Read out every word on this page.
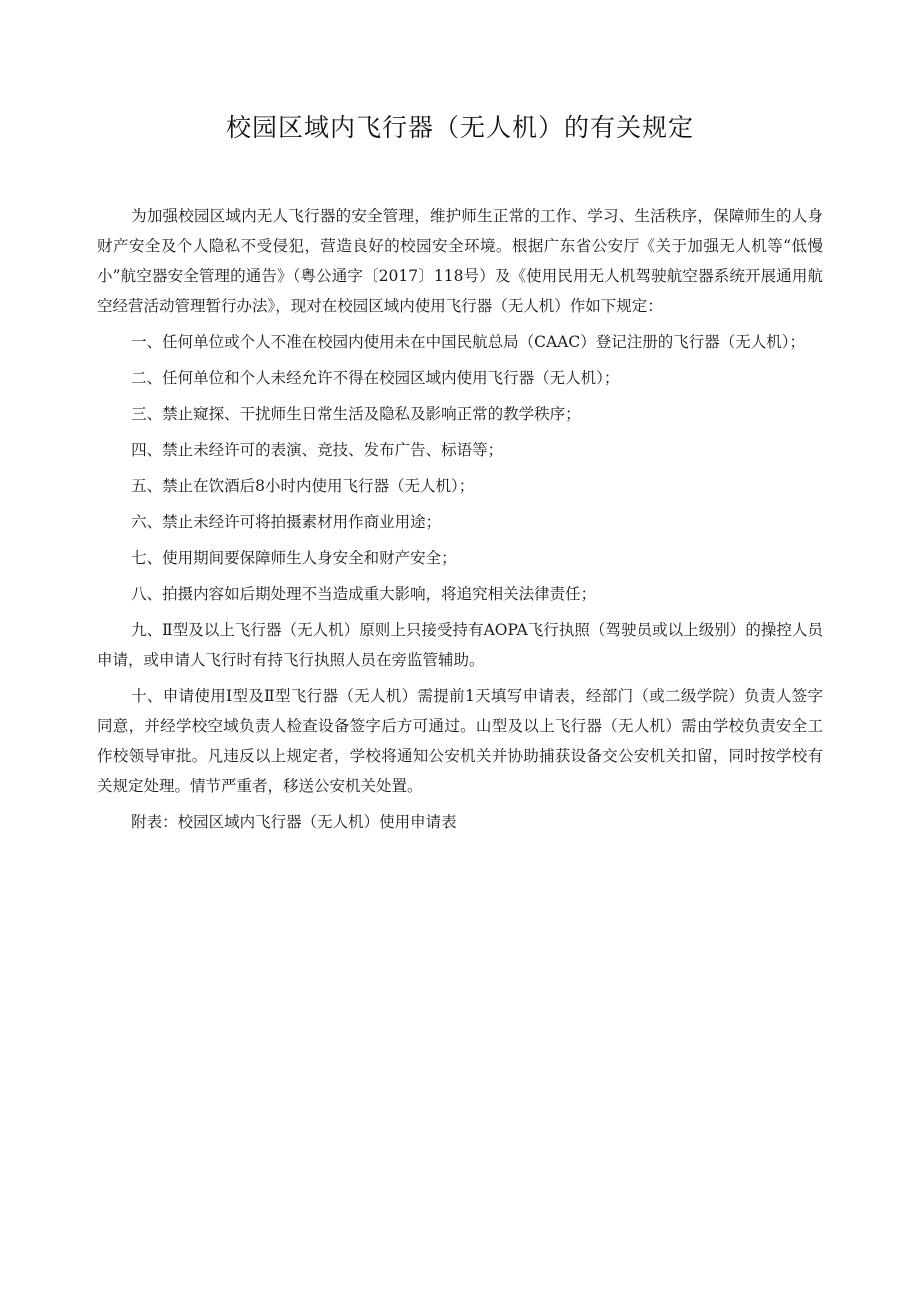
校园区域内飞行器（无人机）的有关规定

为加强校园区域内无人飞行器的安全管理，维护师生正常的工作、学习、生活秩序，保障师生的人身财产安全及个人隐私不受侵犯，营造良好的校园安全环境。根据广东省公安厅《关于加强无人机等“低慢小”航空器安全管理的通告》（粤公通字〔2017〕118号）及《使用民用无人机驾驶航空器系统开展通用航空经营活动管理暂行办法》，现对在校园区域内使用飞行器（无人机）作如下规定：

一、任何单位或个人不准在校园内使用未在中国民航总局（CAAC）登记注册的飞行器（无人机）；

二、任何单位和个人未经允许不得在校园区域内使用飞行器（无人机）；

三、禁止窥探、干扰师生日常生活及隐私及影响正常的教学秩序；

四、禁止未经许可的表演、竞技、发布广告、标语等；

五、禁止在饮酒后8小时内使用飞行器（无人机）；

六、禁止未经许可将拍摄素材用作商业用途；

七、使用期间要保障师生人身安全和财产安全；

八、拍摄内容如后期处理不当造成重大影响，将追究相关法律责任；

九、Ⅱ型及以上飞行器（无人机）原则上只接受持有AOPA飞行执照（驾驶员或以上级别）的操控人员申请，或申请人飞行时有持飞行执照人员在旁监管辅助。

十、申请使用Ⅰ型及Ⅱ型飞行器（无人机）需提前1天填写申请表，经部门（或二级学院）负责人签字同意，并经学校空域负责人检查设备签字后方可通过。山型及以上飞行器（无人机）需由学校负责安全工作校领导审批。凡违反以上规定者，学校将通知公安机关并协助捕获设备交公安机关扣留，同时按学校有关规定处理。情节严重者，移送公安机关处置。

附表：校园区域内飞行器（无人机）使用申请表
